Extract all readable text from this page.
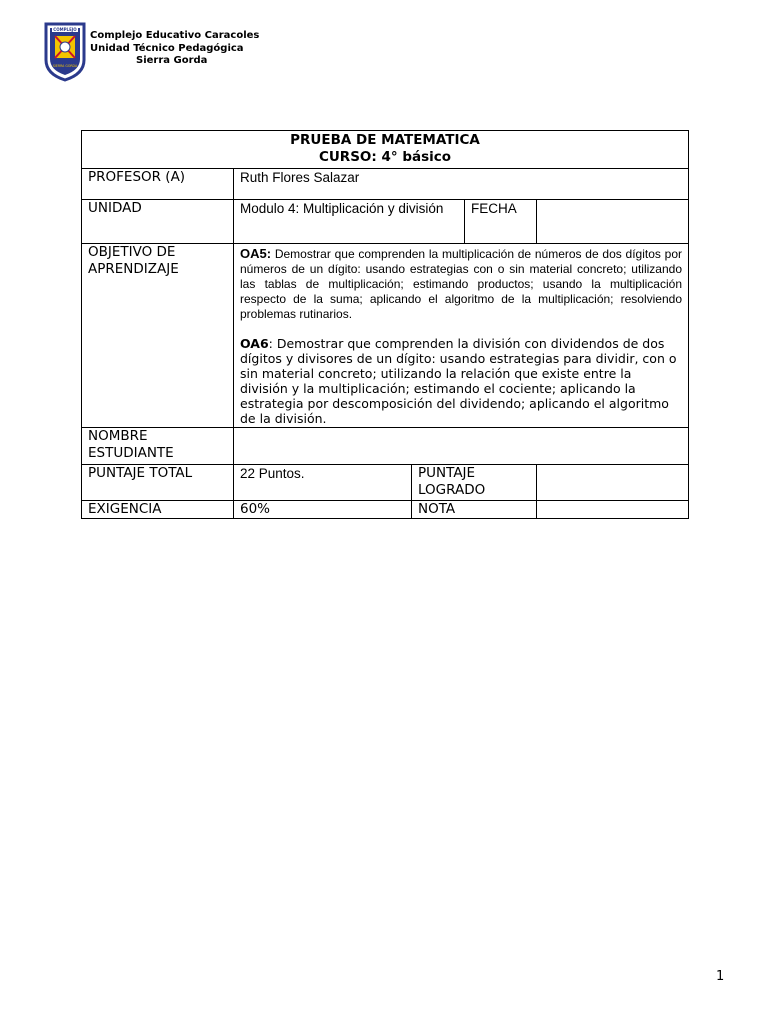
COMPLEJO
SIERRA GORDA
Complejo Educativo Caracoles
Unidad Técnico Pedagógica
Sierra Gorda
PRUEBA DE MATEMATICA
CURSO: 4° básico				

PROFESOR (A)	Ruth Flores Salazar			
UNIDAD	Modulo 4: Multiplicación y división		FECHA	
OBJETIVO DE APRENDIZAJE	OA5: Demostrar que comprenden la multiplicación de números de dos dígitos por números de un dígito: usando estrategias con o sin material concreto; utilizando las tablas de multiplicación; estimando productos; usando la multiplicación respecto de la suma; aplicando el algoritmo de la multiplicación; resolviendo problemas rutinarios.
OA6: Demostrar que comprenden la división con dividendos de dos dígitos y divisores de un dígito: usando estrategias para dividir, con o sin material concreto; utilizando la relación que existe entre la división y la multiplicación; estimando el cociente; aplicando la estrategia por descomposición del dividendo; aplicando el algoritmo de la división.			

NOMBRE ESTUDIANTE				
PUNTAJE TOTAL	22 Puntos.	PUNTAJE LOGRADO		
EXIGENCIA	60%	NOTA		
1
